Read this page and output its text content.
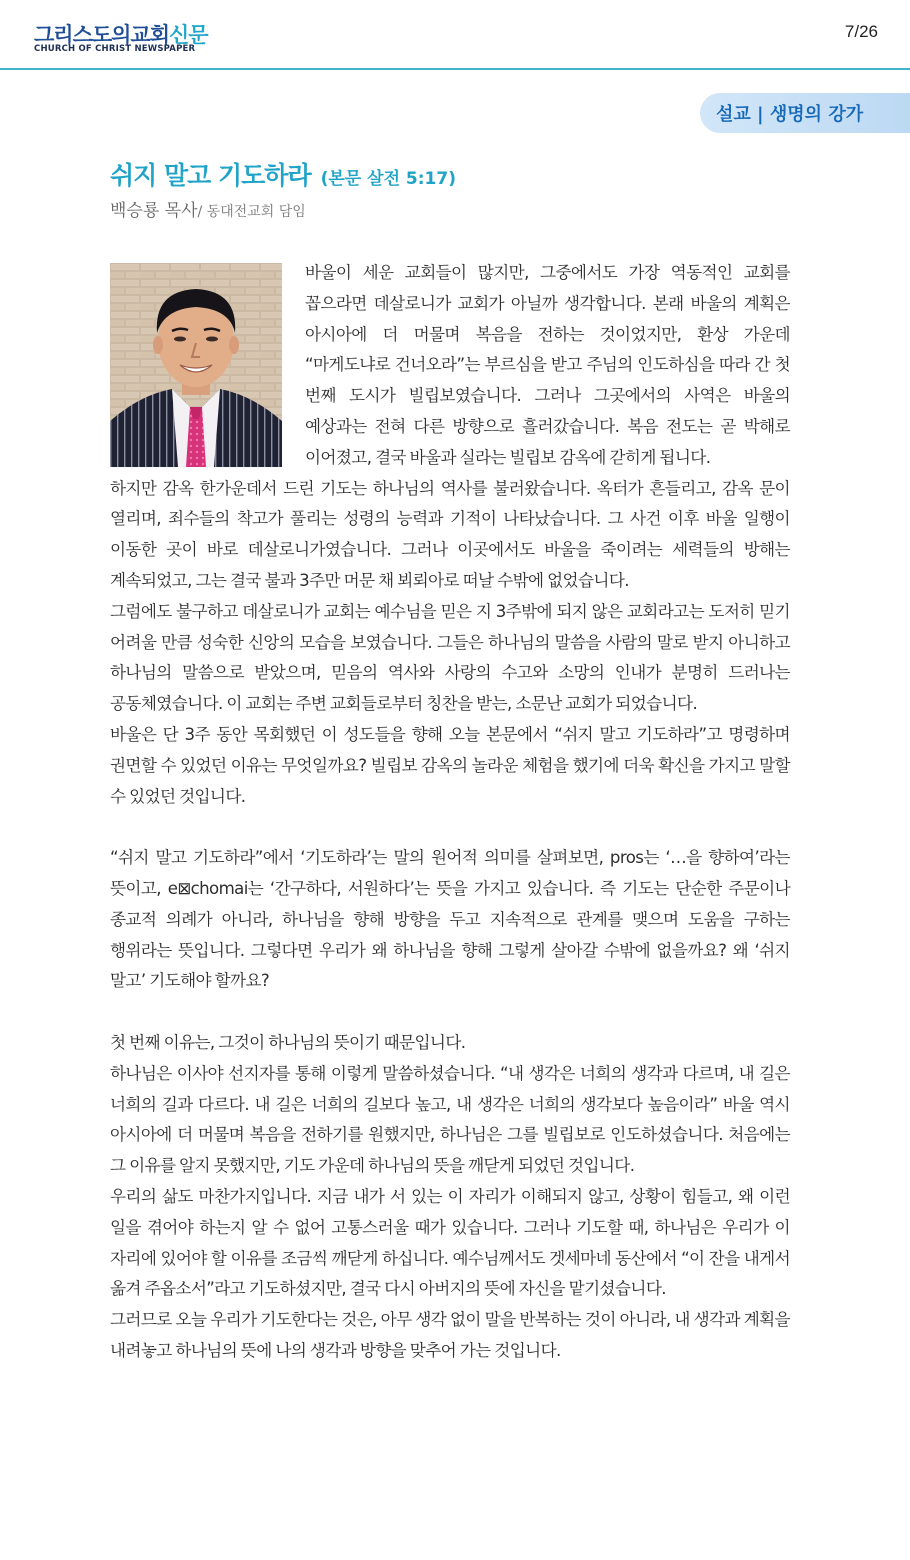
그리스도의교회신문
CHURCH OF CHRIST NEWSPAPER
7/26
설교 | 생명의 강가
쉬지 말고 기도하라 (본문 살전 5:17)
백승룡 목사/ 동대전교회 담임

바울이 세운 교회들이 많지만, 그중에서도 가장 역동적인 교회를 꼽으라면 데살로니가 교회가 아닐까 생각합니다. 본래 바울의 계획은 아시아에 더 머물며 복음을 전하는 것이었지만, 환상 가운데 “마게도냐로 건너오라”는 부르심을 받고 주님의 인도하심을 따라 간 첫 번째 도시가 빌립보였습니다. 그러나 그곳에서의 사역은 바울의 예상과는 전혀 다른 방향으로 흘러갔습니다. 복음 전도는 곧 박해로 이어졌고, 결국 바울과 실라는 빌립보 감옥에 갇히게 됩니다.

하지만 감옥 한가운데서 드린 기도는 하나님의 역사를 불러왔습니다. 옥터가 흔들리고, 감옥 문이 열리며, 죄수들의 착고가 풀리는 성령의 능력과 기적이 나타났습니다. 그 사건 이후 바울 일행이 이동한 곳이 바로 데살로니가였습니다. 그러나 이곳에서도 바울을 죽이려는 세력들의 방해는 계속되었고, 그는 결국 불과 3주만 머문 채 뵈뢰아로 떠날 수밖에 없었습니다.

그럼에도 불구하고 데살로니가 교회는 예수님을 믿은 지 3주밖에 되지 않은 교회라고는 도저히 믿기 어려울 만큼 성숙한 신앙의 모습을 보였습니다. 그들은 하나님의 말씀을 사람의 말로 받지 아니하고 하나님의 말씀으로 받았으며, 믿음의 역사와 사랑의 수고와 소망의 인내가 분명히 드러나는 공동체였습니다. 이 교회는 주변 교회들로부터 칭찬을 받는, 소문난 교회가 되었습니다.

바울은 단 3주 동안 목회했던 이 성도들을 향해 오늘 본문에서 “쉬지 말고 기도하라”고 명령하며 권면할 수 있었던 이유는 무엇일까요? 빌립보 감옥의 놀라운 체험을 했기에 더욱 확신을 가지고 말할 수 있었던 것입니다.

“쉬지 말고 기도하라”에서 ‘기도하라’는 말의 원어적 의미를 살펴보면, pros는 ‘…을 향하여’라는 뜻이고, e⊠chomai는 ‘간구하다, 서원하다’는 뜻을 가지고 있습니다. 즉 기도는 단순한 주문이나 종교적 의례가 아니라, 하나님을 향해 방향을 두고 지속적으로 관계를 맺으며 도움을 구하는 행위라는 뜻입니다. 그렇다면 우리가 왜 하나님을 향해 그렇게 살아갈 수밖에 없을까요? 왜 ‘쉬지 말고’ 기도해야 할까요?

첫 번째 이유는, 그것이 하나님의 뜻이기 때문입니다.

하나님은 이사야 선지자를 통해 이렇게 말씀하셨습니다. “내 생각은 너희의 생각과 다르며, 내 길은 너희의 길과 다르다. 내 길은 너희의 길보다 높고, 내 생각은 너희의 생각보다 높음이라” 바울 역시 아시아에 더 머물며 복음을 전하기를 원했지만, 하나님은 그를 빌립보로 인도하셨습니다. 처음에는 그 이유를 알지 못했지만, 기도 가운데 하나님의 뜻을 깨닫게 되었던 것입니다.

우리의 삶도 마찬가지입니다. 지금 내가 서 있는 이 자리가 이해되지 않고, 상황이 힘들고, 왜 이런 일을 겪어야 하는지 알 수 없어 고통스러울 때가 있습니다. 그러나 기도할 때, 하나님은 우리가 이 자리에 있어야 할 이유를 조금씩 깨닫게 하십니다. 예수님께서도 겟세마네 동산에서 “이 잔을 내게서 옮겨 주옵소서”라고 기도하셨지만, 결국 다시 아버지의 뜻에 자신을 맡기셨습니다.

그러므로 오늘 우리가 기도한다는 것은, 아무 생각 없이 말을 반복하는 것이 아니라, 내 생각과 계획을 내려놓고 하나님의 뜻에 나의 생각과 방향을 맞추어 가는 것입니다.
